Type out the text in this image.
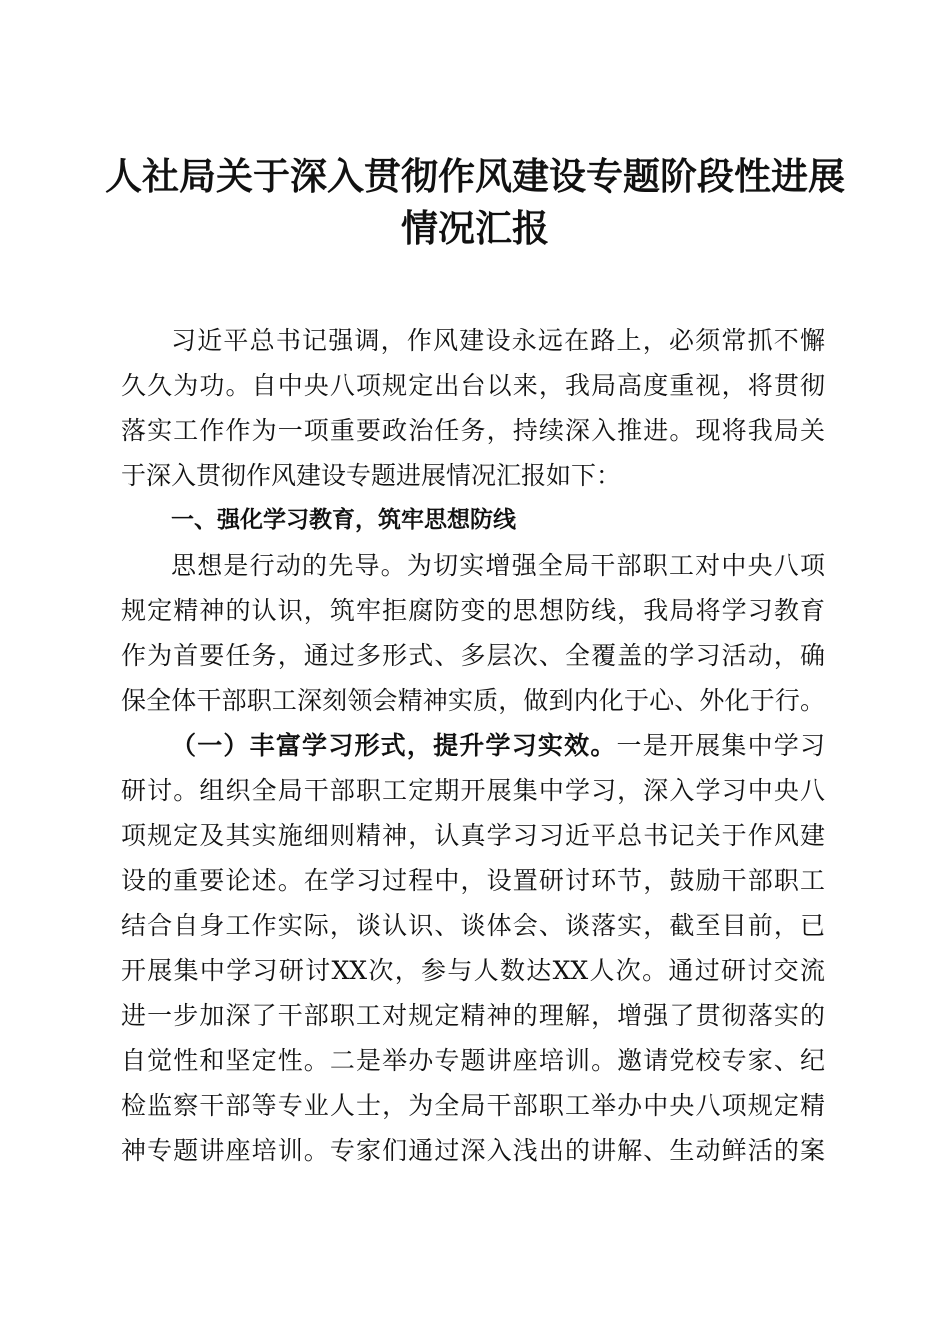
人社局关于深入贯彻作风建设专题阶段性进展
情况汇报
习近平总书记强调，作风建设永远在路上，必须常抓不懈
久久为功。自中央八项规定出台以来，我局高度重视，将贯彻
落实工作作为一项重要政治任务，持续深入推进。现将我局关
于深入贯彻作风建设专题进展情况汇报如下：
一、强化学习教育，筑牢思想防线
思想是行动的先导。为切实增强全局干部职工对中央八项
规定精神的认识，筑牢拒腐防变的思想防线，我局将学习教育
作为首要任务，通过多形式、多层次、全覆盖的学习活动，确
保全体干部职工深刻领会精神实质，做到内化于心、外化于行。
（一）丰富学习形式，提升学习实效。一是开展集中学习
研讨。组织全局干部职工定期开展集中学习，深入学习中央八
项规定及其实施细则精神，认真学习习近平总书记关于作风建
设的重要论述。在学习过程中，设置研讨环节，鼓励干部职工
结合自身工作实际，谈认识、谈体会、谈落实，截至目前，已
开展集中学习研讨XX次，参与人数达XX人次。通过研讨交流
进一步加深了干部职工对规定精神的理解，增强了贯彻落实的
自觉性和坚定性。二是举办专题讲座培训。邀请党校专家、纪
检监察干部等专业人士，为全局干部职工举办中央八项规定精
神专题讲座培训。专家们通过深入浅出的讲解、生动鲜活的案
